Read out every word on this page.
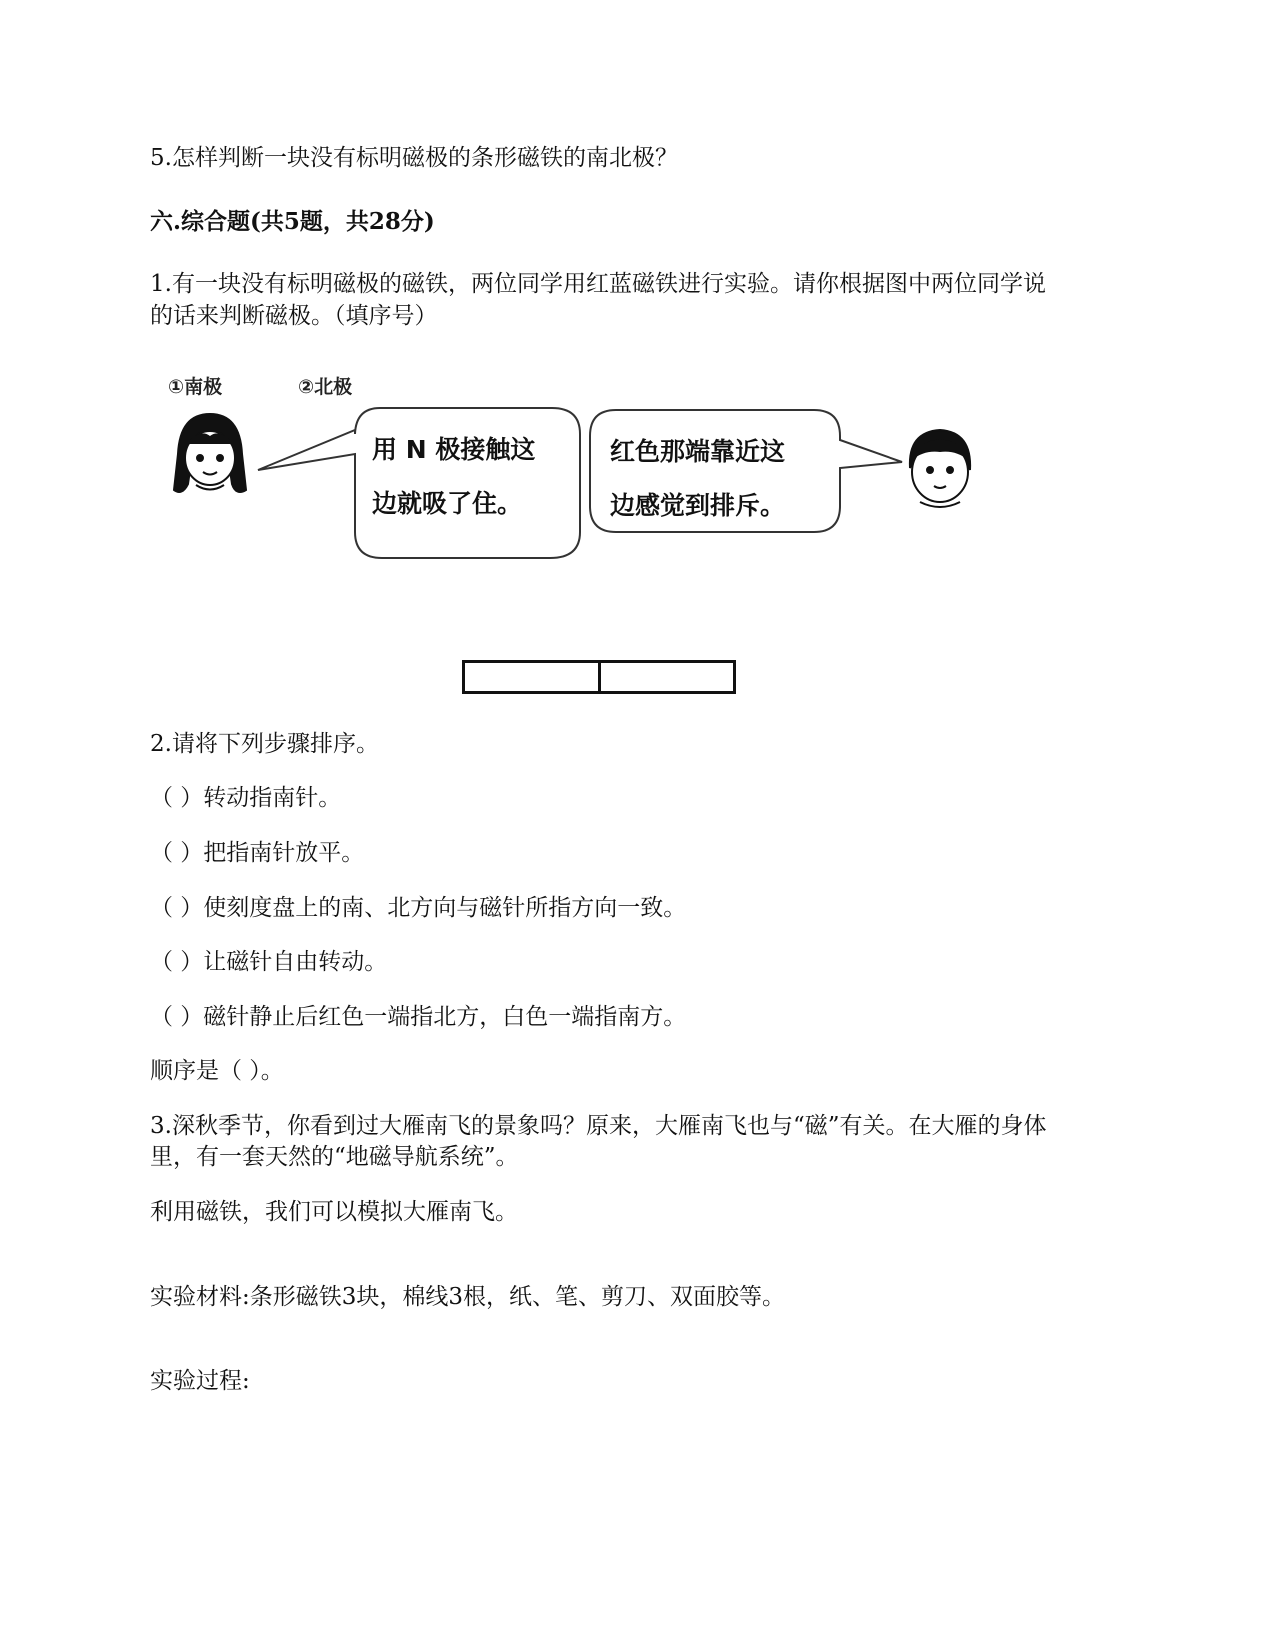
5.怎样判断一块没有标明磁极的条形磁铁的南北极？
六.综合题(共5题，共28分)
1.有一块没有标明磁极的磁铁，两位同学用红蓝磁铁进行实验。请你根据图中两位同学说
的话来判断磁极。（填序号）
①南极	②北极
用 N 极接触这
边就吸了住。
红色那端靠近这
边感觉到排斥。
2.请将下列步骤排序。
（ ）转动指南针。
（ ）把指南针放平。
（ ）使刻度盘上的南、北方向与磁针所指方向一致。
（ ）让磁针自由转动。
（ ）磁针静止后红色一端指北方，白色一端指南方。
顺序是（ ）。
3.深秋季节，你看到过大雁南飞的景象吗？原来，大雁南飞也与“磁”有关。在大雁的身体
里，有一套天然的“地磁导航系统”。
利用磁铁，我们可以模拟大雁南飞。
实验材料:条形磁铁3块，棉线3根，纸、笔、剪刀、双面胶等。
实验过程:
